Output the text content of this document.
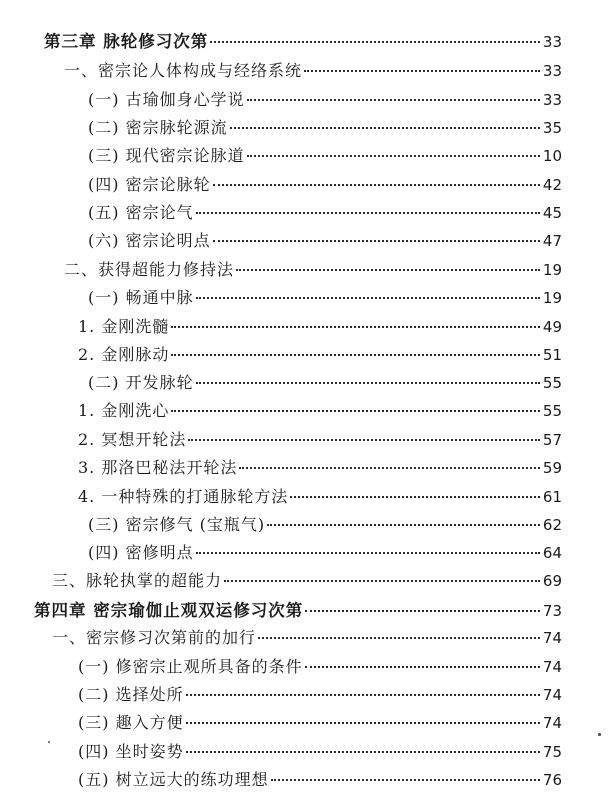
第三章 脉轮修习次第	33
一、密宗论人体构成与经络系统	33
(一) 古瑜伽身心学说	33
(二) 密宗脉轮源流	35
(三) 现代密宗论脉道	10
(四) 密宗论脉轮	42
(五) 密宗论气	45
(六) 密宗论明点	47
二、获得超能力修持法	19
(一) 畅通中脉	19
1. 金刚洗髓	49
2. 金刚脉动	51
(二) 开发脉轮	55
1. 金刚洗心	55
2. 冥想开轮法	57
3. 那洛巴秘法开轮法	59
4. 一种特殊的打通脉轮方法	61
(三) 密宗修气 (宝瓶气)	62
(四) 密修明点	64
三、脉轮执掌的超能力	69
第四章 密宗瑜伽止观双运修习次第	73
一、密宗修习次第前的加行	74
(一) 修密宗止观所具备的条件	74
(二) 选择处所	74
(三) 趣入方便	74
(四) 坐时姿势	75
(五) 树立远大的练功理想	76
